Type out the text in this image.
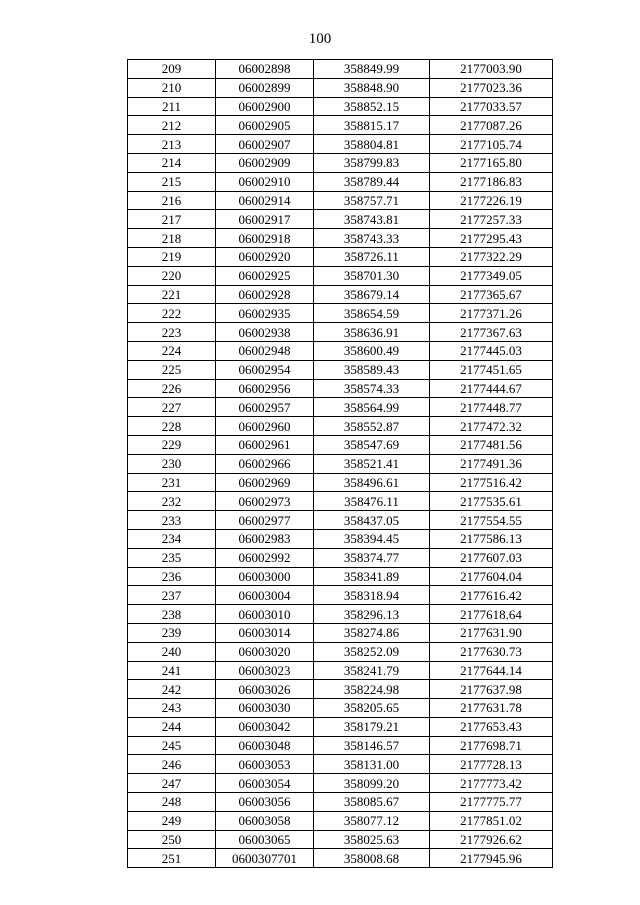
100
209	06002898	358849.99	2177003.90
210	06002899	358848.90	2177023.36
211	06002900	358852.15	2177033.57
212	06002905	358815.17	2177087.26
213	06002907	358804.81	2177105.74
214	06002909	358799.83	2177165.80
215	06002910	358789.44	2177186.83
216	06002914	358757.71	2177226.19
217	06002917	358743.81	2177257.33
218	06002918	358743.33	2177295.43
219	06002920	358726.11	2177322.29
220	06002925	358701.30	2177349.05
221	06002928	358679.14	2177365.67
222	06002935	358654.59	2177371.26
223	06002938	358636.91	2177367.63
224	06002948	358600.49	2177445.03
225	06002954	358589.43	2177451.65
226	06002956	358574.33	2177444.67
227	06002957	358564.99	2177448.77
228	06002960	358552.87	2177472.32
229	06002961	358547.69	2177481.56
230	06002966	358521.41	2177491.36
231	06002969	358496.61	2177516.42
232	06002973	358476.11	2177535.61
233	06002977	358437.05	2177554.55
234	06002983	358394.45	2177586.13
235	06002992	358374.77	2177607.03
236	06003000	358341.89	2177604.04
237	06003004	358318.94	2177616.42
238	06003010	358296.13	2177618.64
239	06003014	358274.86	2177631.90
240	06003020	358252.09	2177630.73
241	06003023	358241.79	2177644.14
242	06003026	358224.98	2177637.98
243	06003030	358205.65	2177631.78
244	06003042	358179.21	2177653.43
245	06003048	358146.57	2177698.71
246	06003053	358131.00	2177728.13
247	06003054	358099.20	2177773.42
248	06003056	358085.67	2177775.77
249	06003058	358077.12	2177851.02
250	06003065	358025.63	2177926.62
251	0600307701	358008.68	2177945.96
